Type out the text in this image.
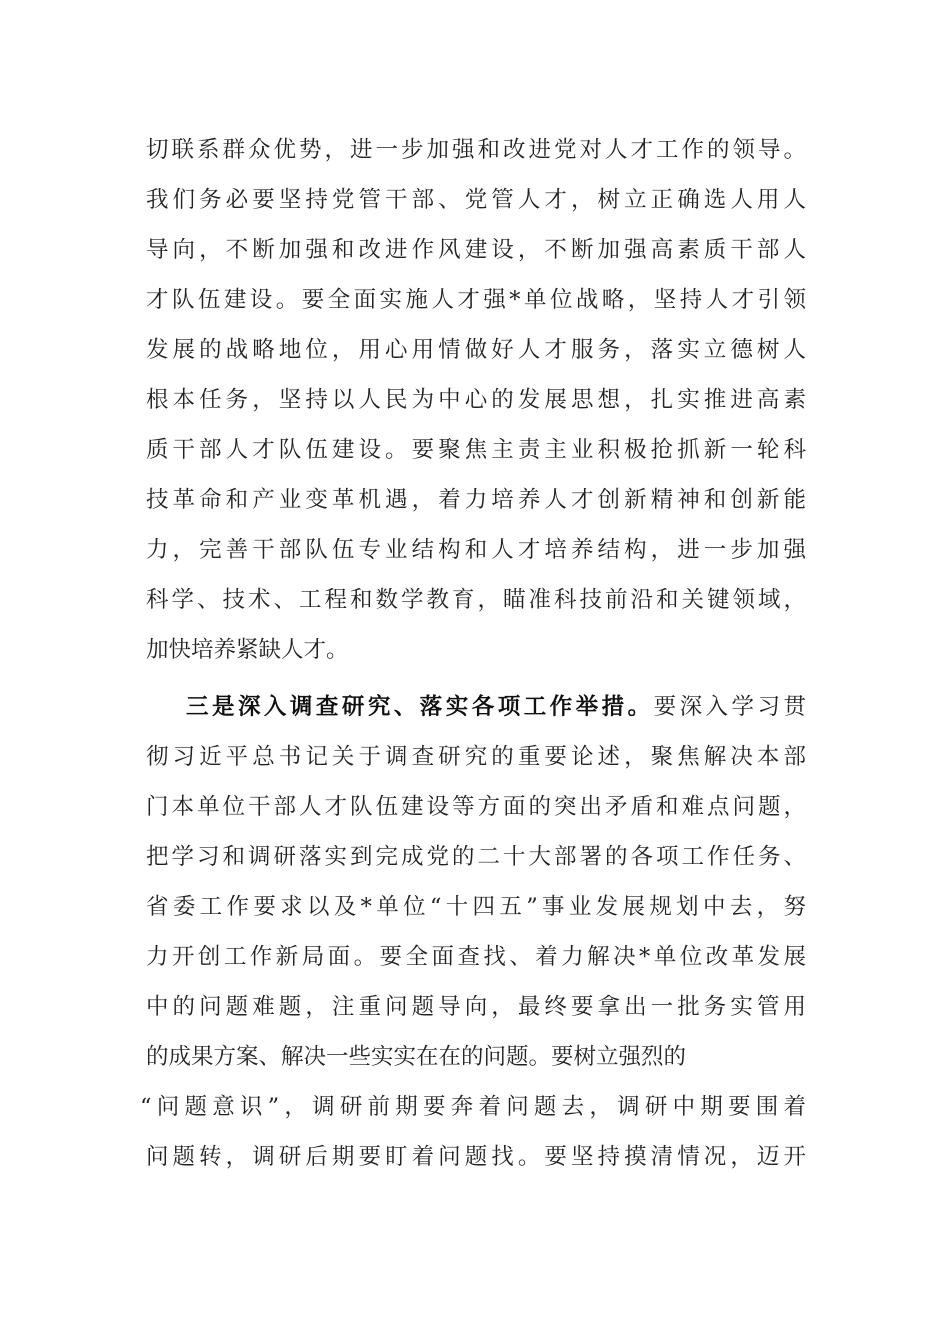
切联系群众优势，进一步加强和改进党对人才工作的领导。
我们务必要坚持党管干部、党管人才，树立正确选人用人
导向，不断加强和改进作风建设，不断加强高素质干部人
才队伍建设。要全面实施人才强*单位战略，坚持人才引领
发展的战略地位，用心用情做好人才服务，落实立德树人
根本任务，坚持以人民为中心的发展思想，扎实推进高素
质干部人才队伍建设。要聚焦主责主业积极抢抓新一轮科
技革命和产业变革机遇，着力培养人才创新精神和创新能
力，完善干部队伍专业结构和人才培养结构，进一步加强
科学、技术、工程和数学教育，瞄准科技前沿和关键领域，
加快培养紧缺人才。
三是深入调查研究、落实各项工作举措。要深入学习贯
彻习近平总书记关于调查研究的重要论述，聚焦解决本部
门本单位干部人才队伍建设等方面的突出矛盾和难点问题，
把学习和调研落实到完成党的二十大部署的各项工作任务、
省委工作要求以及*单位“十四五”事业发展规划中去，努
力开创工作新局面。要全面查找、着力解决*单位改革发展
中的问题难题，注重问题导向，最终要拿出一批务实管用
的成果方案、解决一些实实在在的问题。要树立强烈的
“问题意识”，调研前期要奔着问题去，调研中期要围着
问题转，调研后期要盯着问题找。要坚持摸清情况，迈开
